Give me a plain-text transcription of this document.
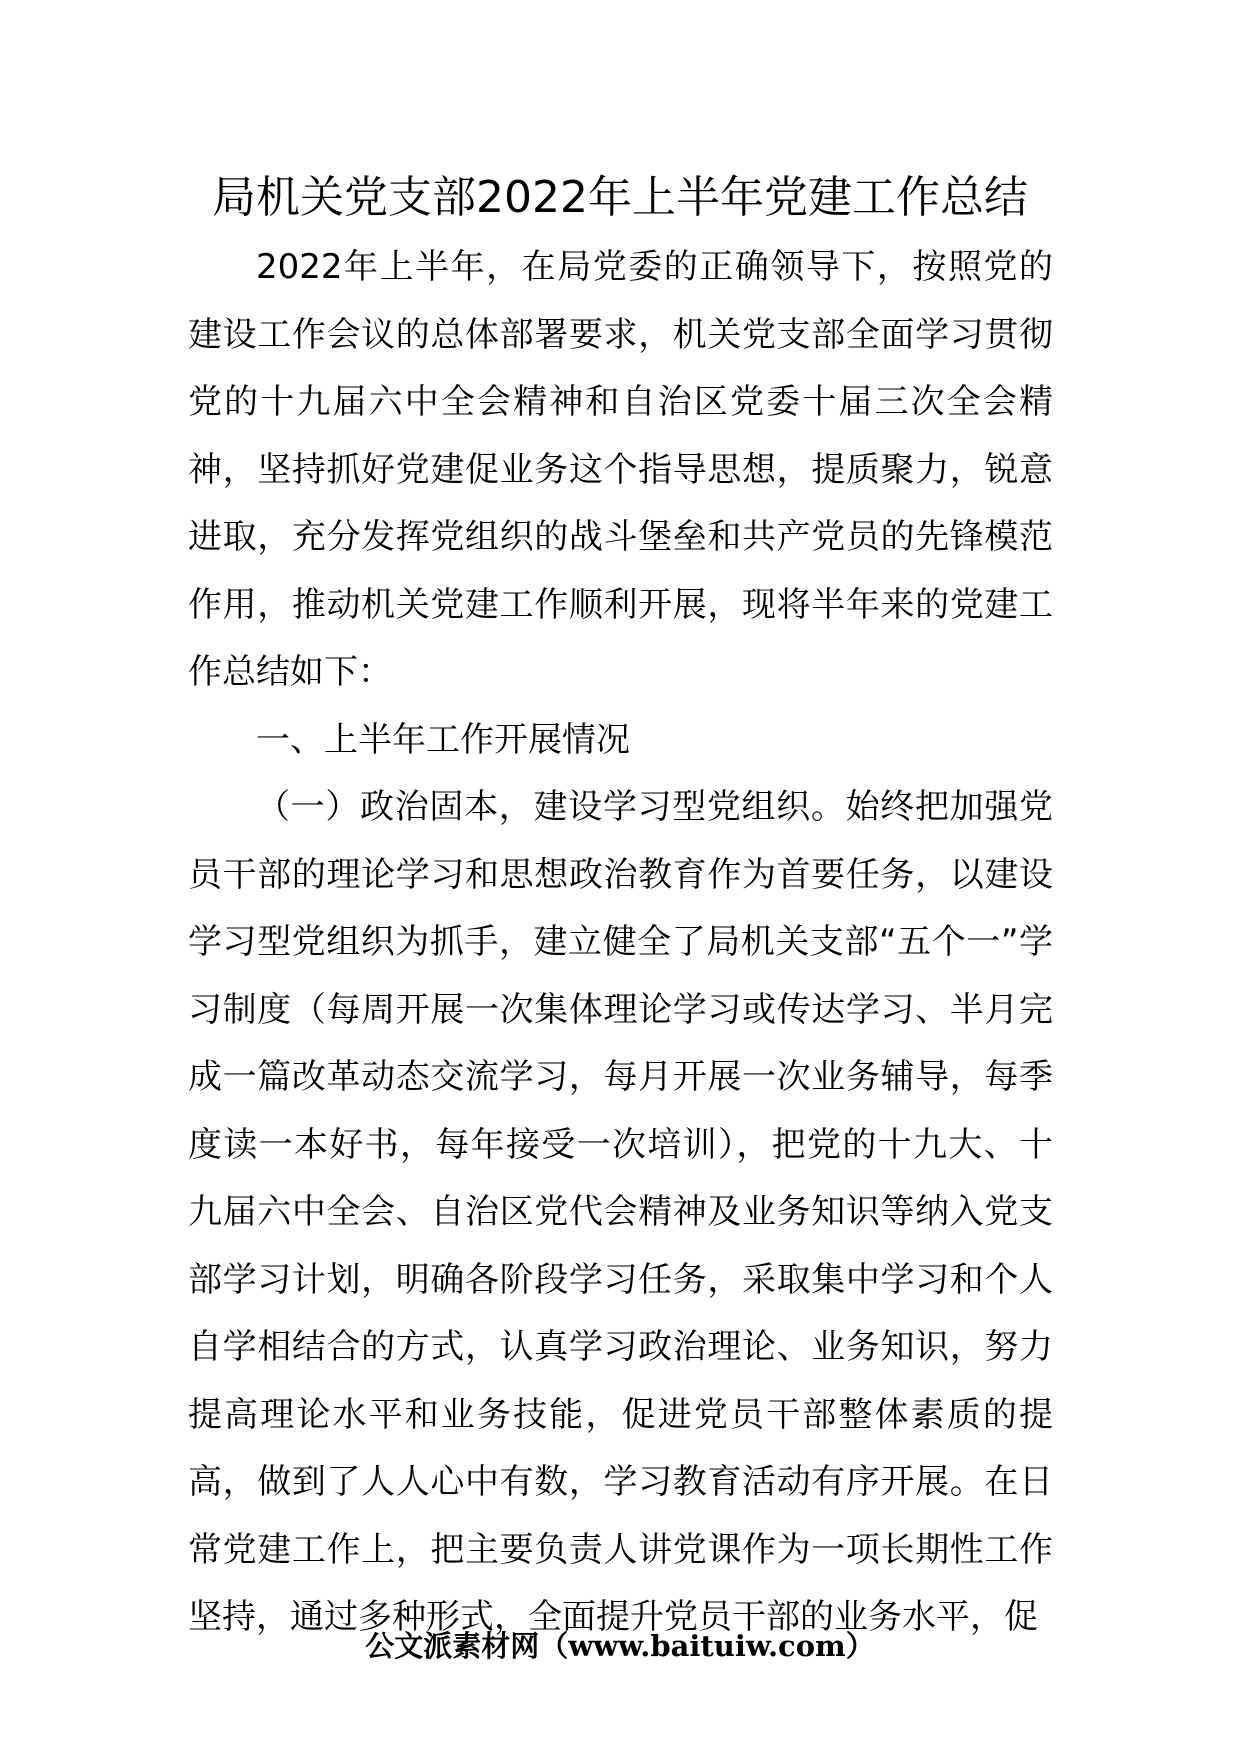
局机关党支部2022年上半年党建工作总结

2022年上半年，在局党委的正确领导下，按照党的建设工作会议的总体部署要求，机关党支部全面学习贯彻党的十九届六中全会精神和自治区党委十届三次全会精神，坚持抓好党建促业务这个指导思想，提质聚力，锐意进取，充分发挥党组织的战斗堡垒和共产党员的先锋模范作用，推动机关党建工作顺利开展，现将半年来的党建工作总结如下：

一、上半年工作开展情况

（一）政治固本，建设学习型党组织。始终把加强党员干部的理论学习和思想政治教育作为首要任务，以建设学习型党组织为抓手，建立健全了局机关支部“五个一”学习制度（每周开展一次集体理论学习或传达学习、半月完成一篇改革动态交流学习，每月开展一次业务辅导，每季度读一本好书，每年接受一次培训），把党的十九大、十九届六中全会、自治区党代会精神及业务知识等纳入党支部学习计划，明确各阶段学习任务，采取集中学习和个人自学相结合的方式，认真学习政治理论、业务知识，努力提高理论水平和业务技能，促进党员干部整体素质的提高，做到了人人心中有数，学习教育活动有序开展。在日常党建工作上，把主要负责人讲党课作为一项长期性工作坚持，通过多种形式，全面提升党员干部的业务水平，促

公文派素材网（www.baituiw.com）
